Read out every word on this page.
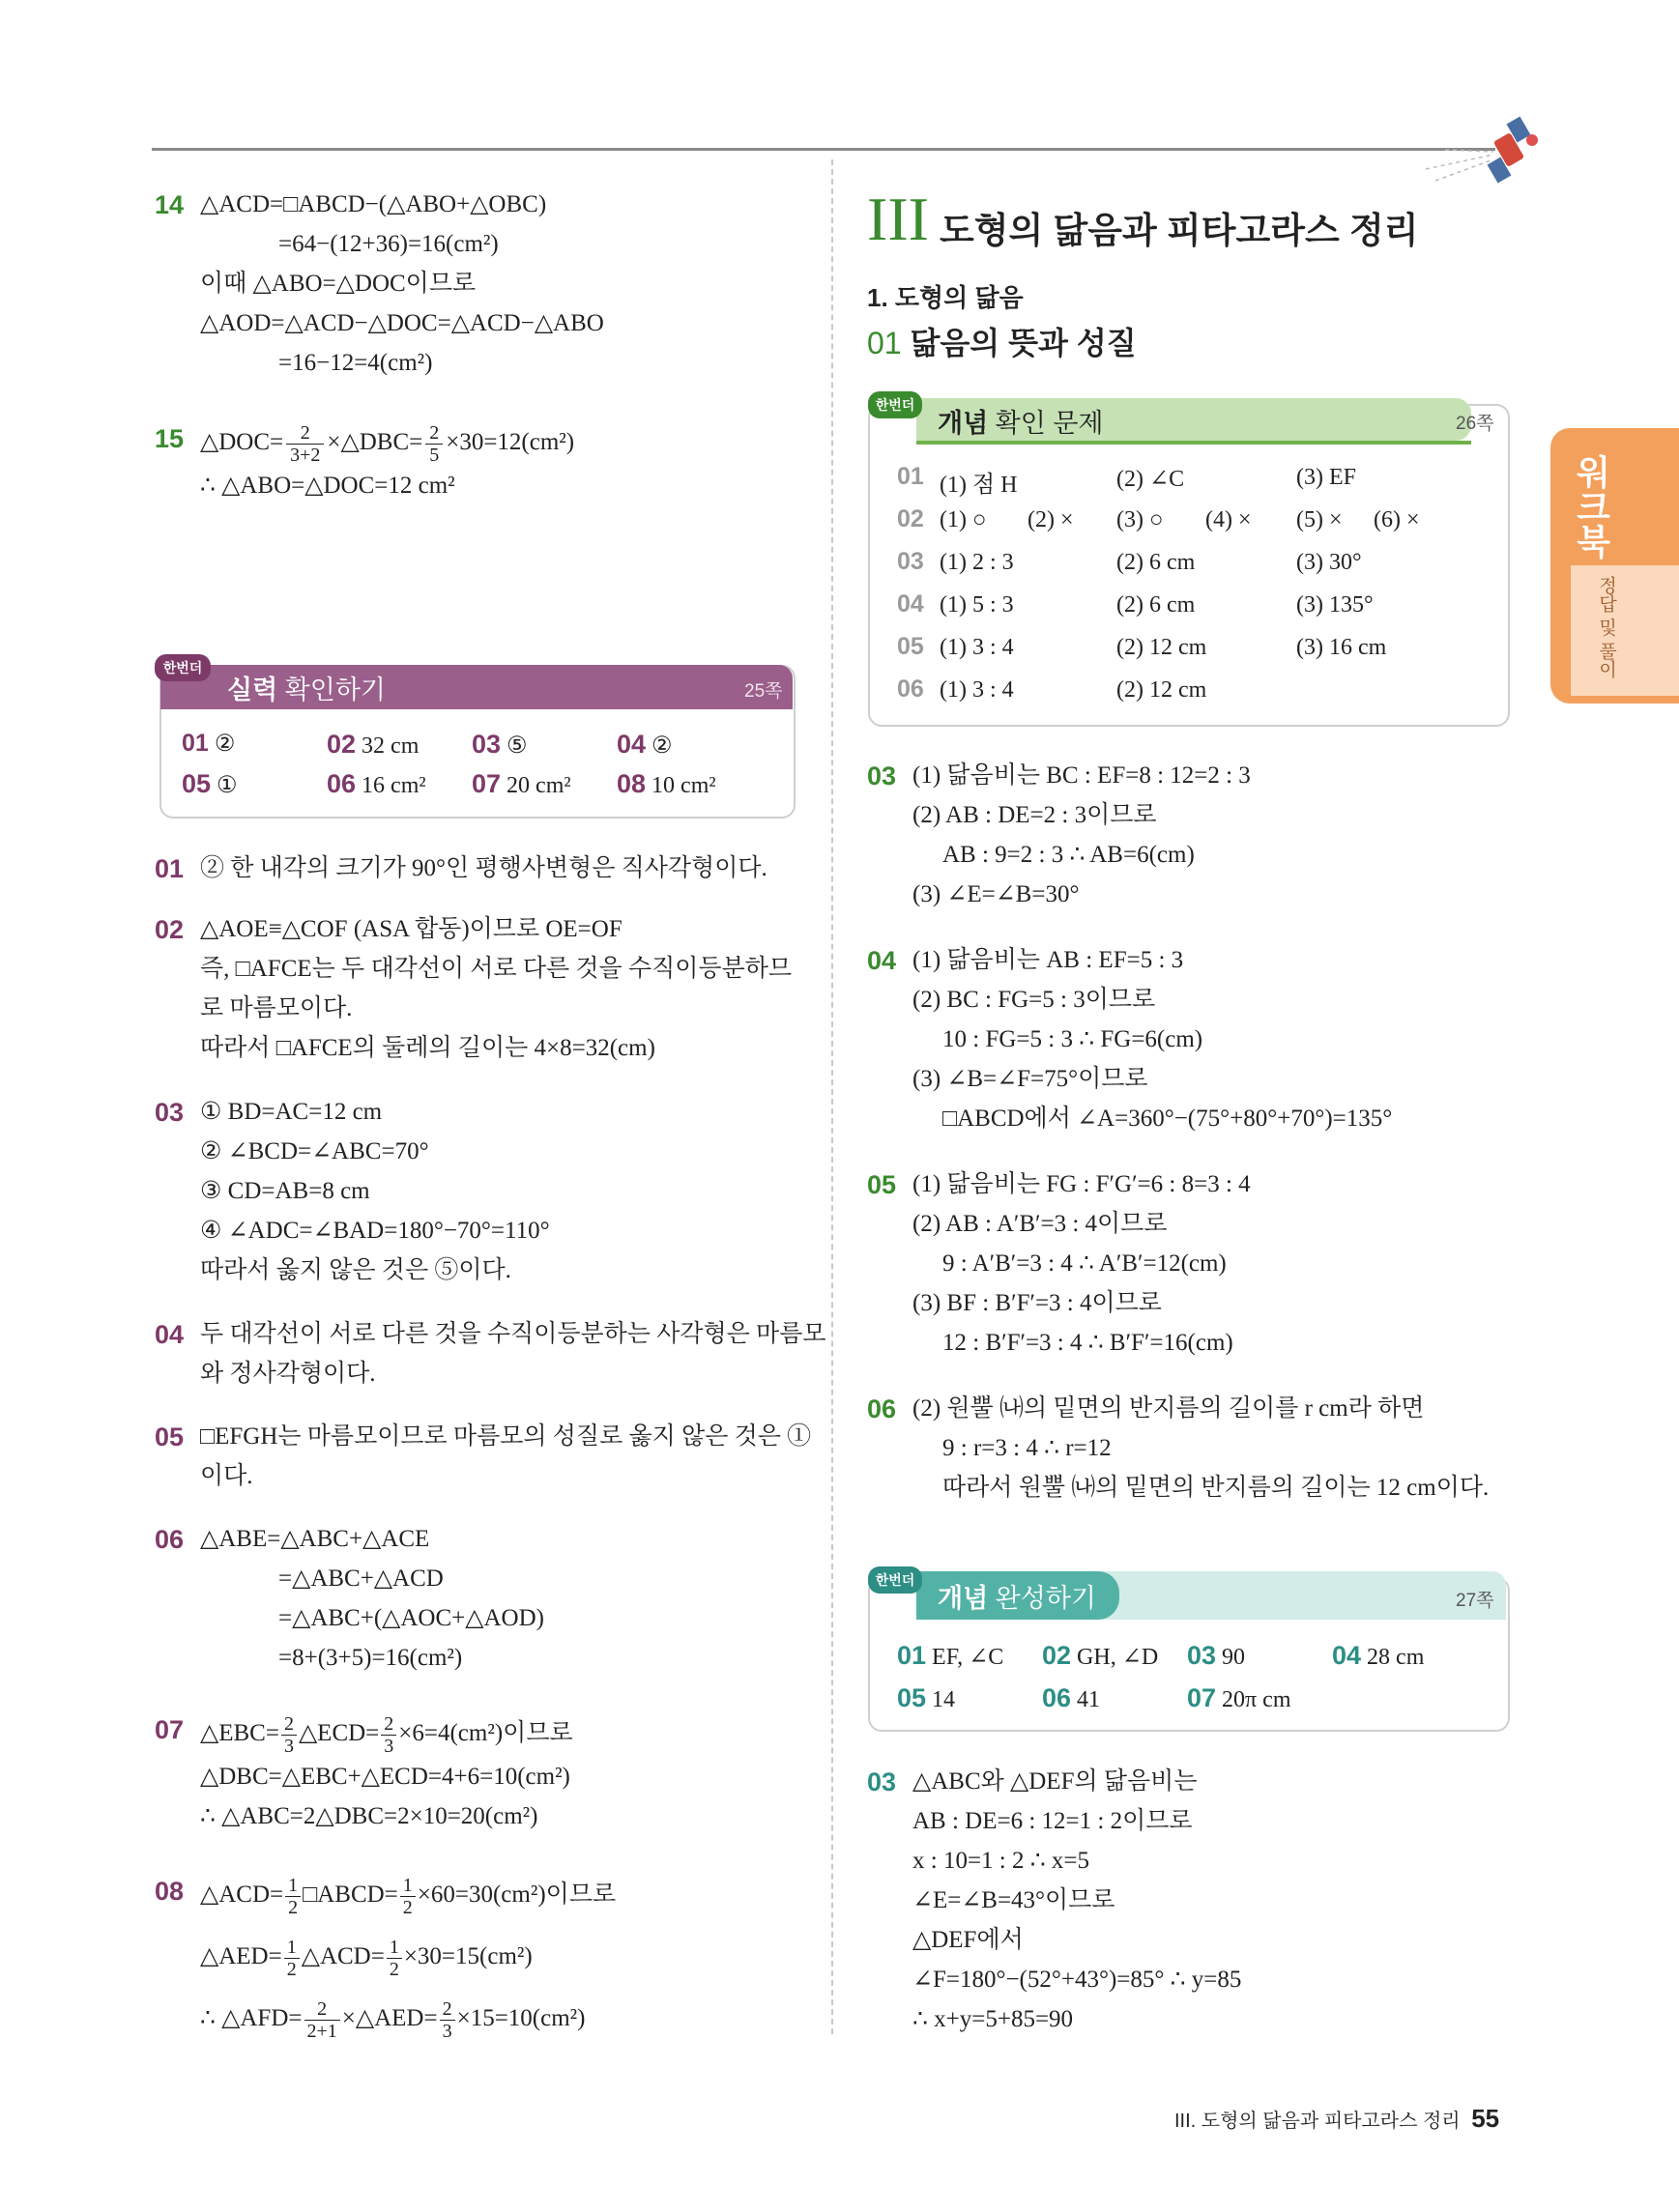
14 △ACD=□ABCD−(△ABO+△OBC)
=64−(12+36)=16(cm²)
이때 △ABO=△DOC이므로
△AOD=△ACD−△DOC=△ACD−△ABO
=16−12=4(cm²)
15 △DOC= $\frac{2}{3+2}$ ×△DBC= $\frac{2}{5} \times 30=12(cm^2)$
∴ △ABO=△DOC=12 cm²
한번더
실력 확인하기	25쪽
01 ②	02 32 cm 03 ⑤	04 ②
05 ①	06 16 cm² 07 20 cm² 08 10 cm²
01 ② 한 내각의 크기가 90°인 평행사변형은 직사각형이다.
02 △AOE≡△COF (ASA 합동)이므로 OE=OF
즉, □AFCE는 두 대각선이 서로 다른 것을 수직이등분하므
로 마름모이다.
따라서 □AFCE의 둘레의 길이는 4×8=32(cm)
03 ① BD=AC=12 cm
② ∠BCD=∠ABC=70°
③ CD=AB=8 cm
④ ∠ADC=∠BAD=180°−70°=110°
따라서 옳지 않은 것은 ⑤이다.
04 두 대각선이 서로 다른 것을 수직이등분하는 사각형은 마름모
와 정사각형이다.
05 □EFGH는 마름모이므로 마름모의 성질로 옳지 않은 것은 ①
이다.
06 △ABE=△ABC+△ACE
=△ABC+△ACD
=△ABC+(△AOC+△AOD)
=8+(3+5)=16(cm²)
07 △EBC= $\frac{2}{3}$ △ECD= $\frac{2}{3} \times 6=4(cm^2)$이므로
△DBC=△EBC+△ECD=4+6=10(cm²)
∴ △ABC=2△DBC=2×10=20(cm²)
08 △ACD= $\frac{1}{2}$ □ABCD= $\frac{1}{2} \times 60=30(cm^2)$이므로
△AED= $\frac{1}{2}$ △ACD= $\frac{1}{2} \times 30=15(cm^2)$
∴ △AFD= $\frac{2}{2+1}$ ×△AED= $\frac{2}{3} \times 15=10(cm^2)$
III 도형의 닮음과 피타고라스 정리
1. 도형의 닮음
01 닮음의 뜻과 성질
한번더
개념 확인 문제	26쪽
01 (1) 점 H	(2) ∠C	(3) EF
02 (1) ○ (2) × (3) ○ (4) × (5) × (6) ×
03 (1) 2 : 3	(2) 6 cm	(3) 30°
04 (1) 5 : 3	(2) 6 cm	(3) 135°
05 (1) 3 : 4	(2) 12 cm	(3) 16 cm
06 (1) 3 : 4	(2) 12 cm
03 (1) 닮음비는 BC : EF=8 : 12=2 : 3
(2) AB : DE=2 : 3이므로
AB : 9=2 : 3 ∴ AB=6(cm)
(3) ∠E=∠B=30°
04 (1) 닮음비는 AB : EF=5 : 3
(2) BC : FG=5 : 3이므로
10 : FG=5 : 3 ∴ FG=6(cm)
(3) ∠B=∠F=75°이므로
□ABCD에서 ∠A=360°−(75°+80°+70°)=135°
05 (1) 닮음비는 FG : F′G′=6 : 8=3 : 4
(2) AB : A′B′=3 : 4이므로
9 : A′B′=3 : 4 ∴ A′B′=12(cm)
(3) BF : B′F′=3 : 4이므로
12 : B′F′=3 : 4 ∴ B′F′=16(cm)
06 (2) 원뿔 ㈏의 밑면의 반지름의 길이를 r cm라 하면
9 : r=3 : 4 ∴ r=12
따라서 원뿔 ㈏의 밑면의 반지름의 길이는 12 cm이다.
한번더
개념 완성하기	27쪽
01 EF, ∠C 02 GH, ∠D 03 90	04 28 cm
05 14	06 41	07 20π cm
03 △ABC와 △DEF의 닮음비는
AB : DE=6 : 12=1 : 2이므로
x : 10=1 : 2 ∴ x=5
∠E=∠B=43°이므로
△DEF에서
∠F=180°−(52°+43°)=85° ∴ y=85
∴ x+y=5+85=90
워크북
정답 및 풀이
III. 도형의 닮음과 피타고라스 정리 55
